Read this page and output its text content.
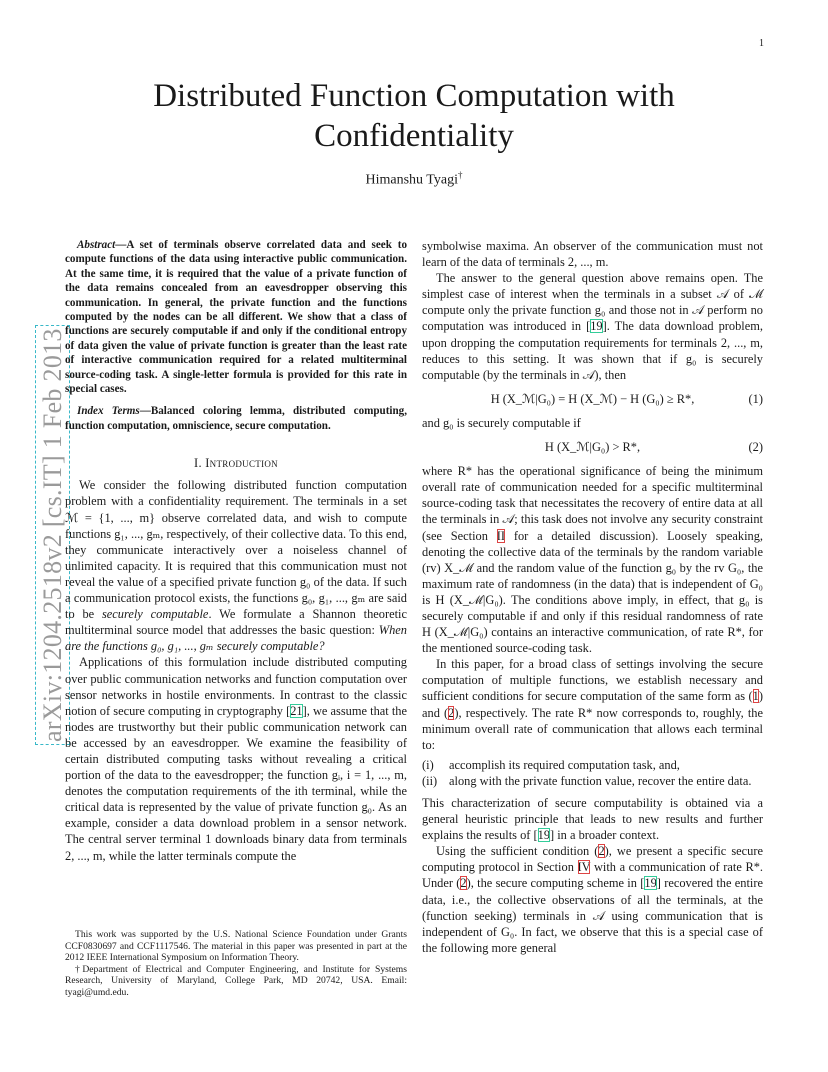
1
arXiv:1204.2518v2 [cs.IT] 1 Feb 2013
Distributed Function Computation with
Confidentiality
Himanshu Tyagi†
Abstract—A set of terminals observe correlated data and seek to compute functions of the data using interactive public communication. At the same time, it is required that the value of a private function of the data remains concealed from an eavesdropper observing this communication. In general, the private function and the functions computed by the nodes can be all different. We show that a class of functions are securely computable if and only if the conditional entropy of data given the value of private function is greater than the least rate of interactive communication required for a related multiterminal source-coding task. A single-letter formula is provided for this rate in special cases.
Index Terms—Balanced coloring lemma, distributed computing, function computation, omniscience, secure computation.
I. Introduction

We consider the following distributed function computation problem with a confidentiality requirement. The terminals in a set ℳ = {1, ..., m} observe correlated data, and wish to compute functions g₁, ..., gₘ, respectively, of their collective data. To this end, they communicate interactively over a noiseless channel of unlimited capacity. It is required that this communication must not reveal the value of a specified private function g₀ of the data. If such a communication protocol exists, the functions g₀, g₁, ..., gₘ are said to be securely computable. We formulate a Shannon theoretic multiterminal source model that addresses the basic question: When are the functions g₀, g₁, ..., gₘ securely computable?

Applications of this formulation include distributed computing over public communication networks and function computation over sensor networks in hostile environments. In contrast to the classic notion of secure computing in cryptography [21], we assume that the nodes are trustworthy but their public communication network can be accessed by an eavesdropper. We examine the feasibility of certain distributed computing tasks without revealing a critical portion of the data to the eavesdropper; the function gᵢ, i = 1, ..., m, denotes the computation requirements of the ith terminal, while the critical data is represented by the value of private function g₀. As an example, consider a data download problem in a sensor network. The central server terminal 1 downloads binary data from terminals 2, ..., m, while the latter terminals compute the

This work was supported by the U.S. National Science Foundation under Grants CCF0830697 and CCF1117546. The material in this paper was presented in part at the 2012 IEEE International Symposium on Information Theory.

†Department of Electrical and Computer Engineering, and Institute for Systems Research, University of Maryland, College Park, MD 20742, USA. Email: tyagi@umd.edu.

symbolwise maxima. An observer of the communication must not learn of the data of terminals 2, ..., m.

The answer to the general question above remains open. The simplest case of interest when the terminals in a subset 𝒜 of ℳ compute only the private function g₀ and those not in 𝒜 perform no computation was introduced in [19]. The data download problem, upon dropping the computation requirements for terminals 2, ..., m, reduces to this setting. It was shown that if g₀ is securely computable (by the terminals in 𝒜), then

H (X_ℳ|G₀) = H (X_ℳ) − H (G₀) ≥ R*,	(1)

and g₀ is securely computable if

H (X_ℳ|G₀) > R*,	(2)

where R* has the operational significance of being the minimum overall rate of communication needed for a specific multiterminal source-coding task that necessitates the recovery of entire data at all the terminals in 𝒜; this task does not involve any security constraint (see Section II for a detailed discussion). Loosely speaking, denoting the collective data of the terminals by the random variable (rv) X_ℳ and the random value of the function g₀ by the rv G₀, the maximum rate of randomness (in the data) that is independent of G₀ is H (X_ℳ|G₀). The conditions above imply, in effect, that g₀ is securely computable if and only if this residual randomness of rate H (X_ℳ|G₀) contains an interactive communication, of rate R*, for the mentioned source-coding task.

In this paper, for a broad class of settings involving the secure computation of multiple functions, we establish necessary and sufficient conditions for secure computation of the same form as (1) and (2), respectively. The rate R* now corresponds to, roughly, the minimum overall rate of communication that allows each terminal to:

(i)	accomplish its required computation task, and,
(ii) along with the private function value, recover the entire data.

This characterization of secure computability is obtained via a general heuristic principle that leads to new results and further explains the results of [19] in a broader context.

Using the sufficient condition (2), we present a specific secure computing protocol in Section IV with a communication of rate R*. Under (2), the secure computing scheme in [19] recovered the entire data, i.e., the collective observations of all the terminals, at the (function seeking) terminals in 𝒜 using communication that is independent of G₀. In fact, we observe that this is a special case of the following more general
